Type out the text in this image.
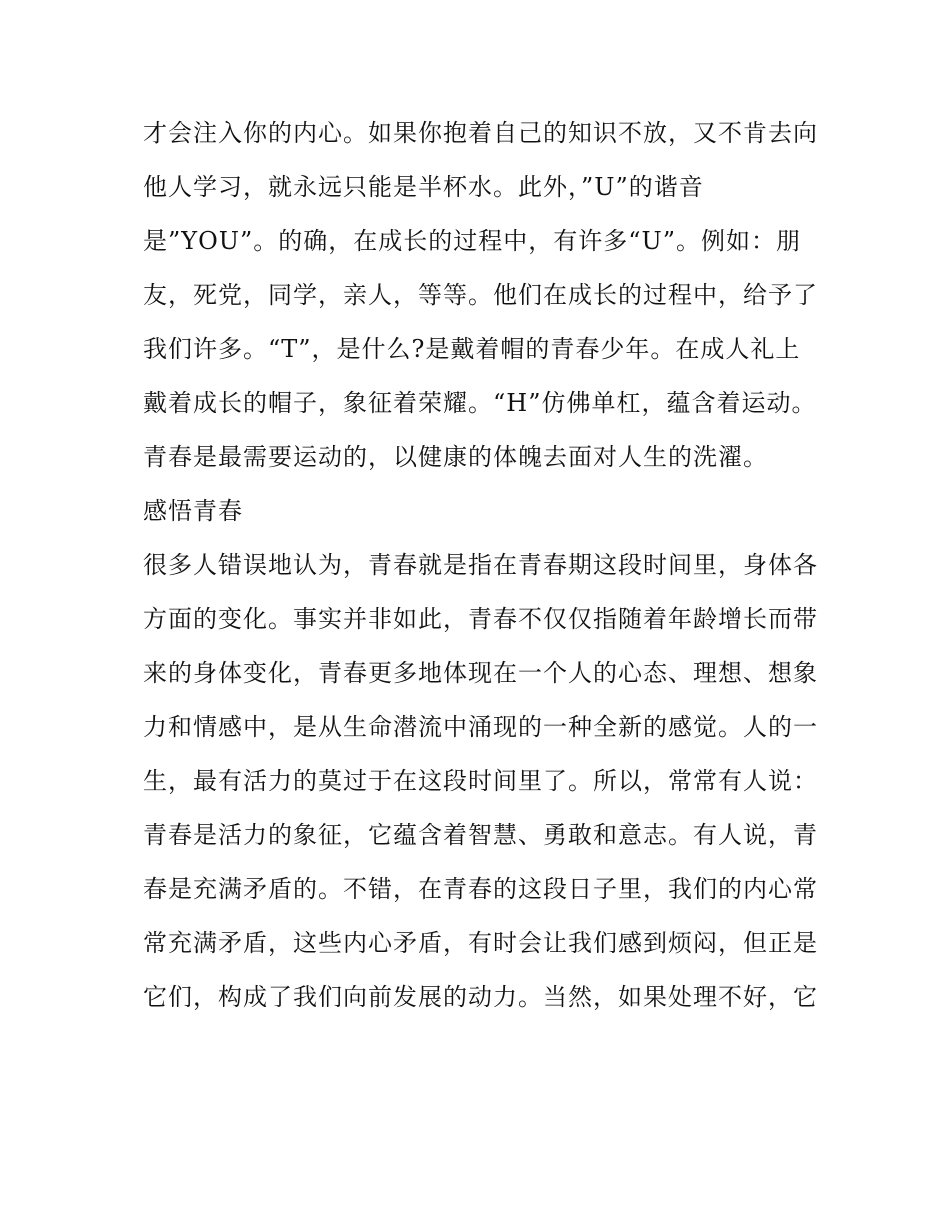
才会注入你的内心。如果你抱着自己的知识不放，又不肯去向
他人学习，就永远只能是半杯水。此外，”U”的谐音
是”YOU”。的确，在成长的过程中，有许多“U”。例如：朋
友，死党，同学，亲人，等等。他们在成长的过程中，给予了
我们许多。“T”，是什么?是戴着帽的青春少年。在成人礼上
戴着成长的帽子，象征着荣耀。“H”仿佛单杠，蕴含着运动。
青春是最需要运动的，以健康的体魄去面对人生的洗濯。
感悟青春
很多人错误地认为，青春就是指在青春期这段时间里，身体各
方面的变化。事实并非如此，青春不仅仅指随着年龄增长而带
来的身体变化，青春更多地体现在一个人的心态、理想、想象
力和情感中，是从生命潜流中涌现的一种全新的感觉。人的一
生，最有活力的莫过于在这段时间里了。所以，常常有人说：
青春是活力的象征，它蕴含着智慧、勇敢和意志。有人说，青
春是充满矛盾的。不错，在青春的这段日子里，我们的内心常
常充满矛盾，这些内心矛盾，有时会让我们感到烦闷，但正是
它们，构成了我们向前发展的动力。当然，如果处理不好，它
